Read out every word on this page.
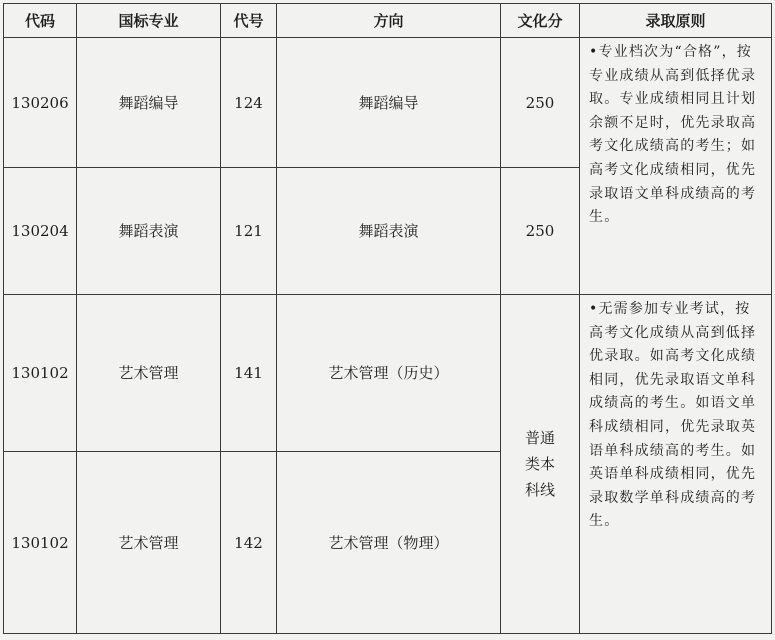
代码	国标专业	代号	方向	文化分	录取原则
130206	舞蹈编导	124	舞蹈编导	250	•专业档次为“合格”，按专业成绩从高到低择优录取。专业成绩相同且计划余额不足时，优先录取高考文化成绩高的考生；如高考文化成绩相同，优先录取语文单科成绩高的考生。
130204	舞蹈表演	121	舞蹈表演	250	
130102	艺术管理	141	艺术管理（历史）	普通类本科线	•无需参加专业考试，按高考文化成绩从高到低择优录取。如高考文化成绩相同，优先录取语文单科成绩高的考生。如语文单科成绩相同，优先录取英语单科成绩高的考生。如英语单科成绩相同，优先录取数学单科成绩高的考生。
130102	艺术管理	142	艺术管理（物理）		
